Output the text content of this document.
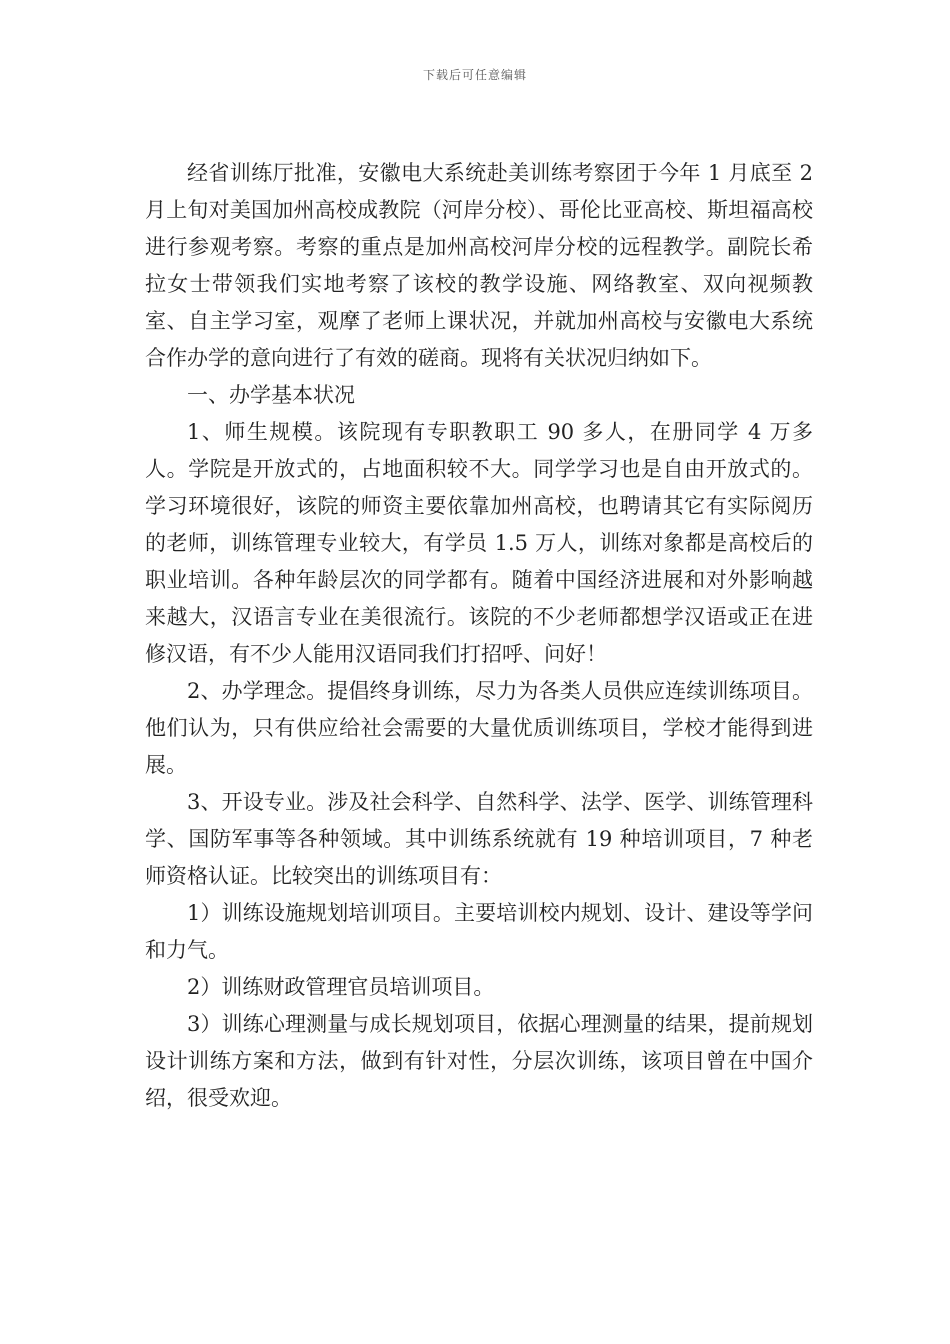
下载后可任意编辑

经省训练厅批准，安徽电大系统赴美训练考察团于今年 1 月底至 2 月上旬对美国加州高校成教院（河岸分校）、哥伦比亚高校、斯坦福高校进行参观考察。考察的重点是加州高校河岸分校的远程教学。副院长希拉女士带领我们实地考察了该校的教学设施、网络教室、双向视频教室、自主学习室，观摩了老师上课状况，并就加州高校与安徽电大系统合作办学的意向进行了有效的磋商。现将有关状况归纳如下。

一、办学基本状况

1、师生规模。该院现有专职教职工 90 多人，在册同学 4 万多人。学院是开放式的，占地面积较不大。同学学习也是自由开放式的。学习环境很好，该院的师资主要依靠加州高校，也聘请其它有实际阅历的老师，训练管理专业较大，有学员 1.5 万人，训练对象都是高校后的职业培训。各种年龄层次的同学都有。随着中国经济进展和对外影响越来越大，汉语言专业在美很流行。该院的不少老师都想学汉语或正在进修汉语，有不少人能用汉语同我们打招呼、问好！

2、办学理念。提倡终身训练，尽力为各类人员供应连续训练项目。他们认为，只有供应给社会需要的大量优质训练项目，学校才能得到进展。

3、开设专业。涉及社会科学、自然科学、法学、医学、训练管理科学、国防军事等各种领域。其中训练系统就有 19 种培训项目，7 种老师资格认证。比较突出的训练项目有：

1）训练设施规划培训项目。主要培训校内规划、设计、建设等学问和力气。

2）训练财政管理官员培训项目。

3）训练心理测量与成长规划项目，依据心理测量的结果，提前规划设计训练方案和方法，做到有针对性，分层次训练，该项目曾在中国介绍，很受欢迎。
